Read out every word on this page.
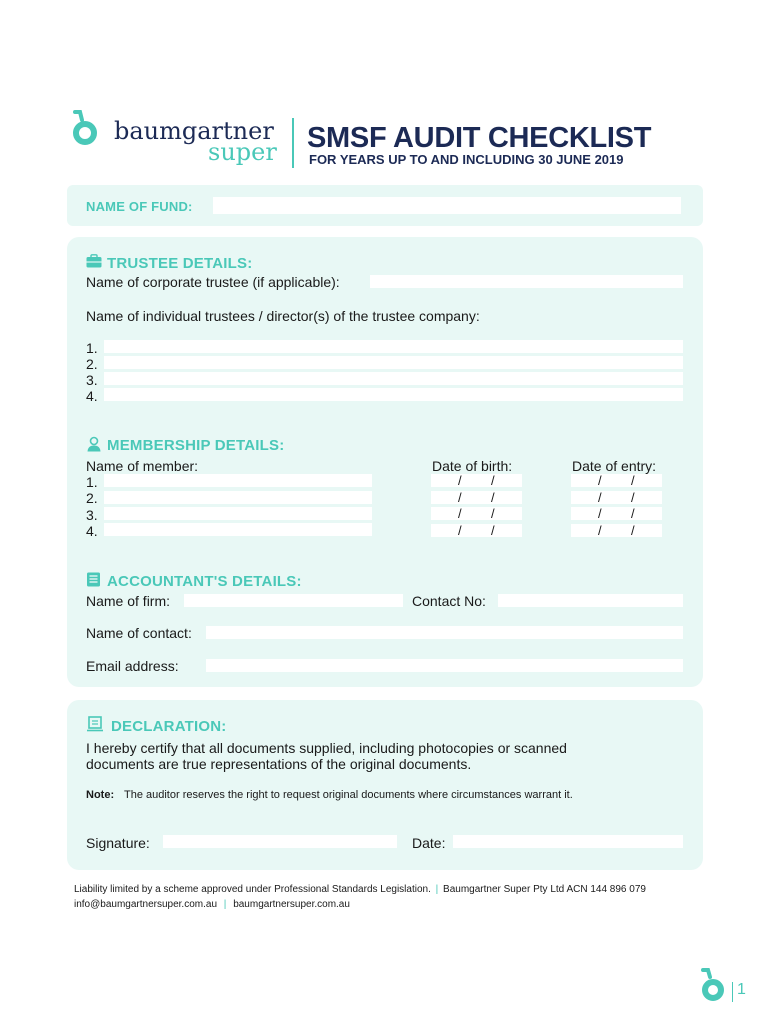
baumgartner
super SMSF AUDIT CHECKLIST
FOR YEARS UP TO AND INCLUDING 30 JUNE 2019
NAME OF FUND:
TRUSTEE DETAILS:
Name of corporate trustee (if applicable):
Name of individual trustees / director(s) of the trustee company:
1.
2.
3.
4.
MEMBERSHIP DETAILS:
Name of member:	Date of birth:	Date of entry:
1.	/ /	/ /
2.	/ /	/ /
3.	/ /	/ /
4.	/ /	/ /
ACCOUNTANT'S DETAILS:
Name of firm:	Contact No:
Name of contact:
Email address:
DECLARATION:
I hereby certify that all documents supplied, including photocopies or scanned
documents are true representations of the original documents.
Note: The auditor reserves the right to request original documents where circumstances warrant it.
Signature:	Date:
Liability limited by a scheme approved under Professional Standards Legislation. | Baumgartner Super Pty Ltd ACN 144 896 079
info@baumgartnersuper.com.au | baumgartnersuper.com.au
1
